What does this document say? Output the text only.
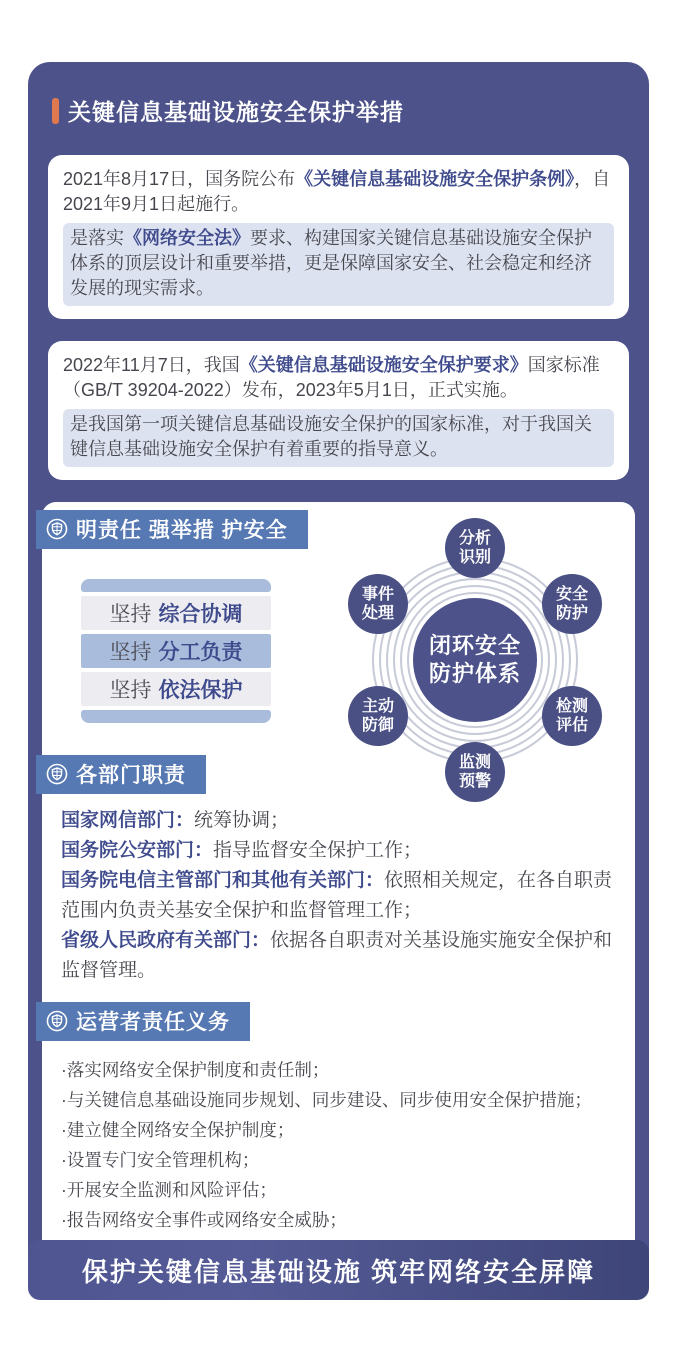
关键信息基础设施安全保护举措
2021年8月17日，国务院公布《关键信息基础设施安全保护条例》，自2021年9月1日起施行。
是落实《网络安全法》要求、构建国家关键信息基础设施安全保护体系的顶层设计和重要举措，更是保障国家安全、社会稳定和经济发展的现实需求。
2022年11月7日，我国《关键信息基础设施安全保护要求》国家标准（GB/T 39204-2022）发布，2023年5月1日，正式实施。
是我国第一项关键信息基础设施安全保护的国家标准，对于我国关键信息基础设施安全保护有着重要的指导意义。
明责任 强举措 护安全
坚持 综合协调
坚持 分工负责
坚持 依法保护
闭环安全
防护体系
分析
识别
安全
防护
检测
评估
监测
预警
主动
防御
事件
处理
各部门职责

国家网信部门：统筹协调；

国务院公安部门：指导监督安全保护工作；

国务院电信主管部门和其他有关部门：依照相关规定，在各自职责范围内负责关基安全保护和监督管理工作；

省级人民政府有关部门：依据各自职责对关基设施实施安全保护和监督管理。

运营者责任义务

·落实网络安全保护制度和责任制；

·与关键信息基础设施同步规划、同步建设、同步使用安全保护措施；

·建立健全网络安全保护制度；

·设置专门安全管理机构；

·开展安全监测和风险评估；

·报告网络安全事件或网络安全威胁；

保护关键信息基础设施 筑牢网络安全屏障
